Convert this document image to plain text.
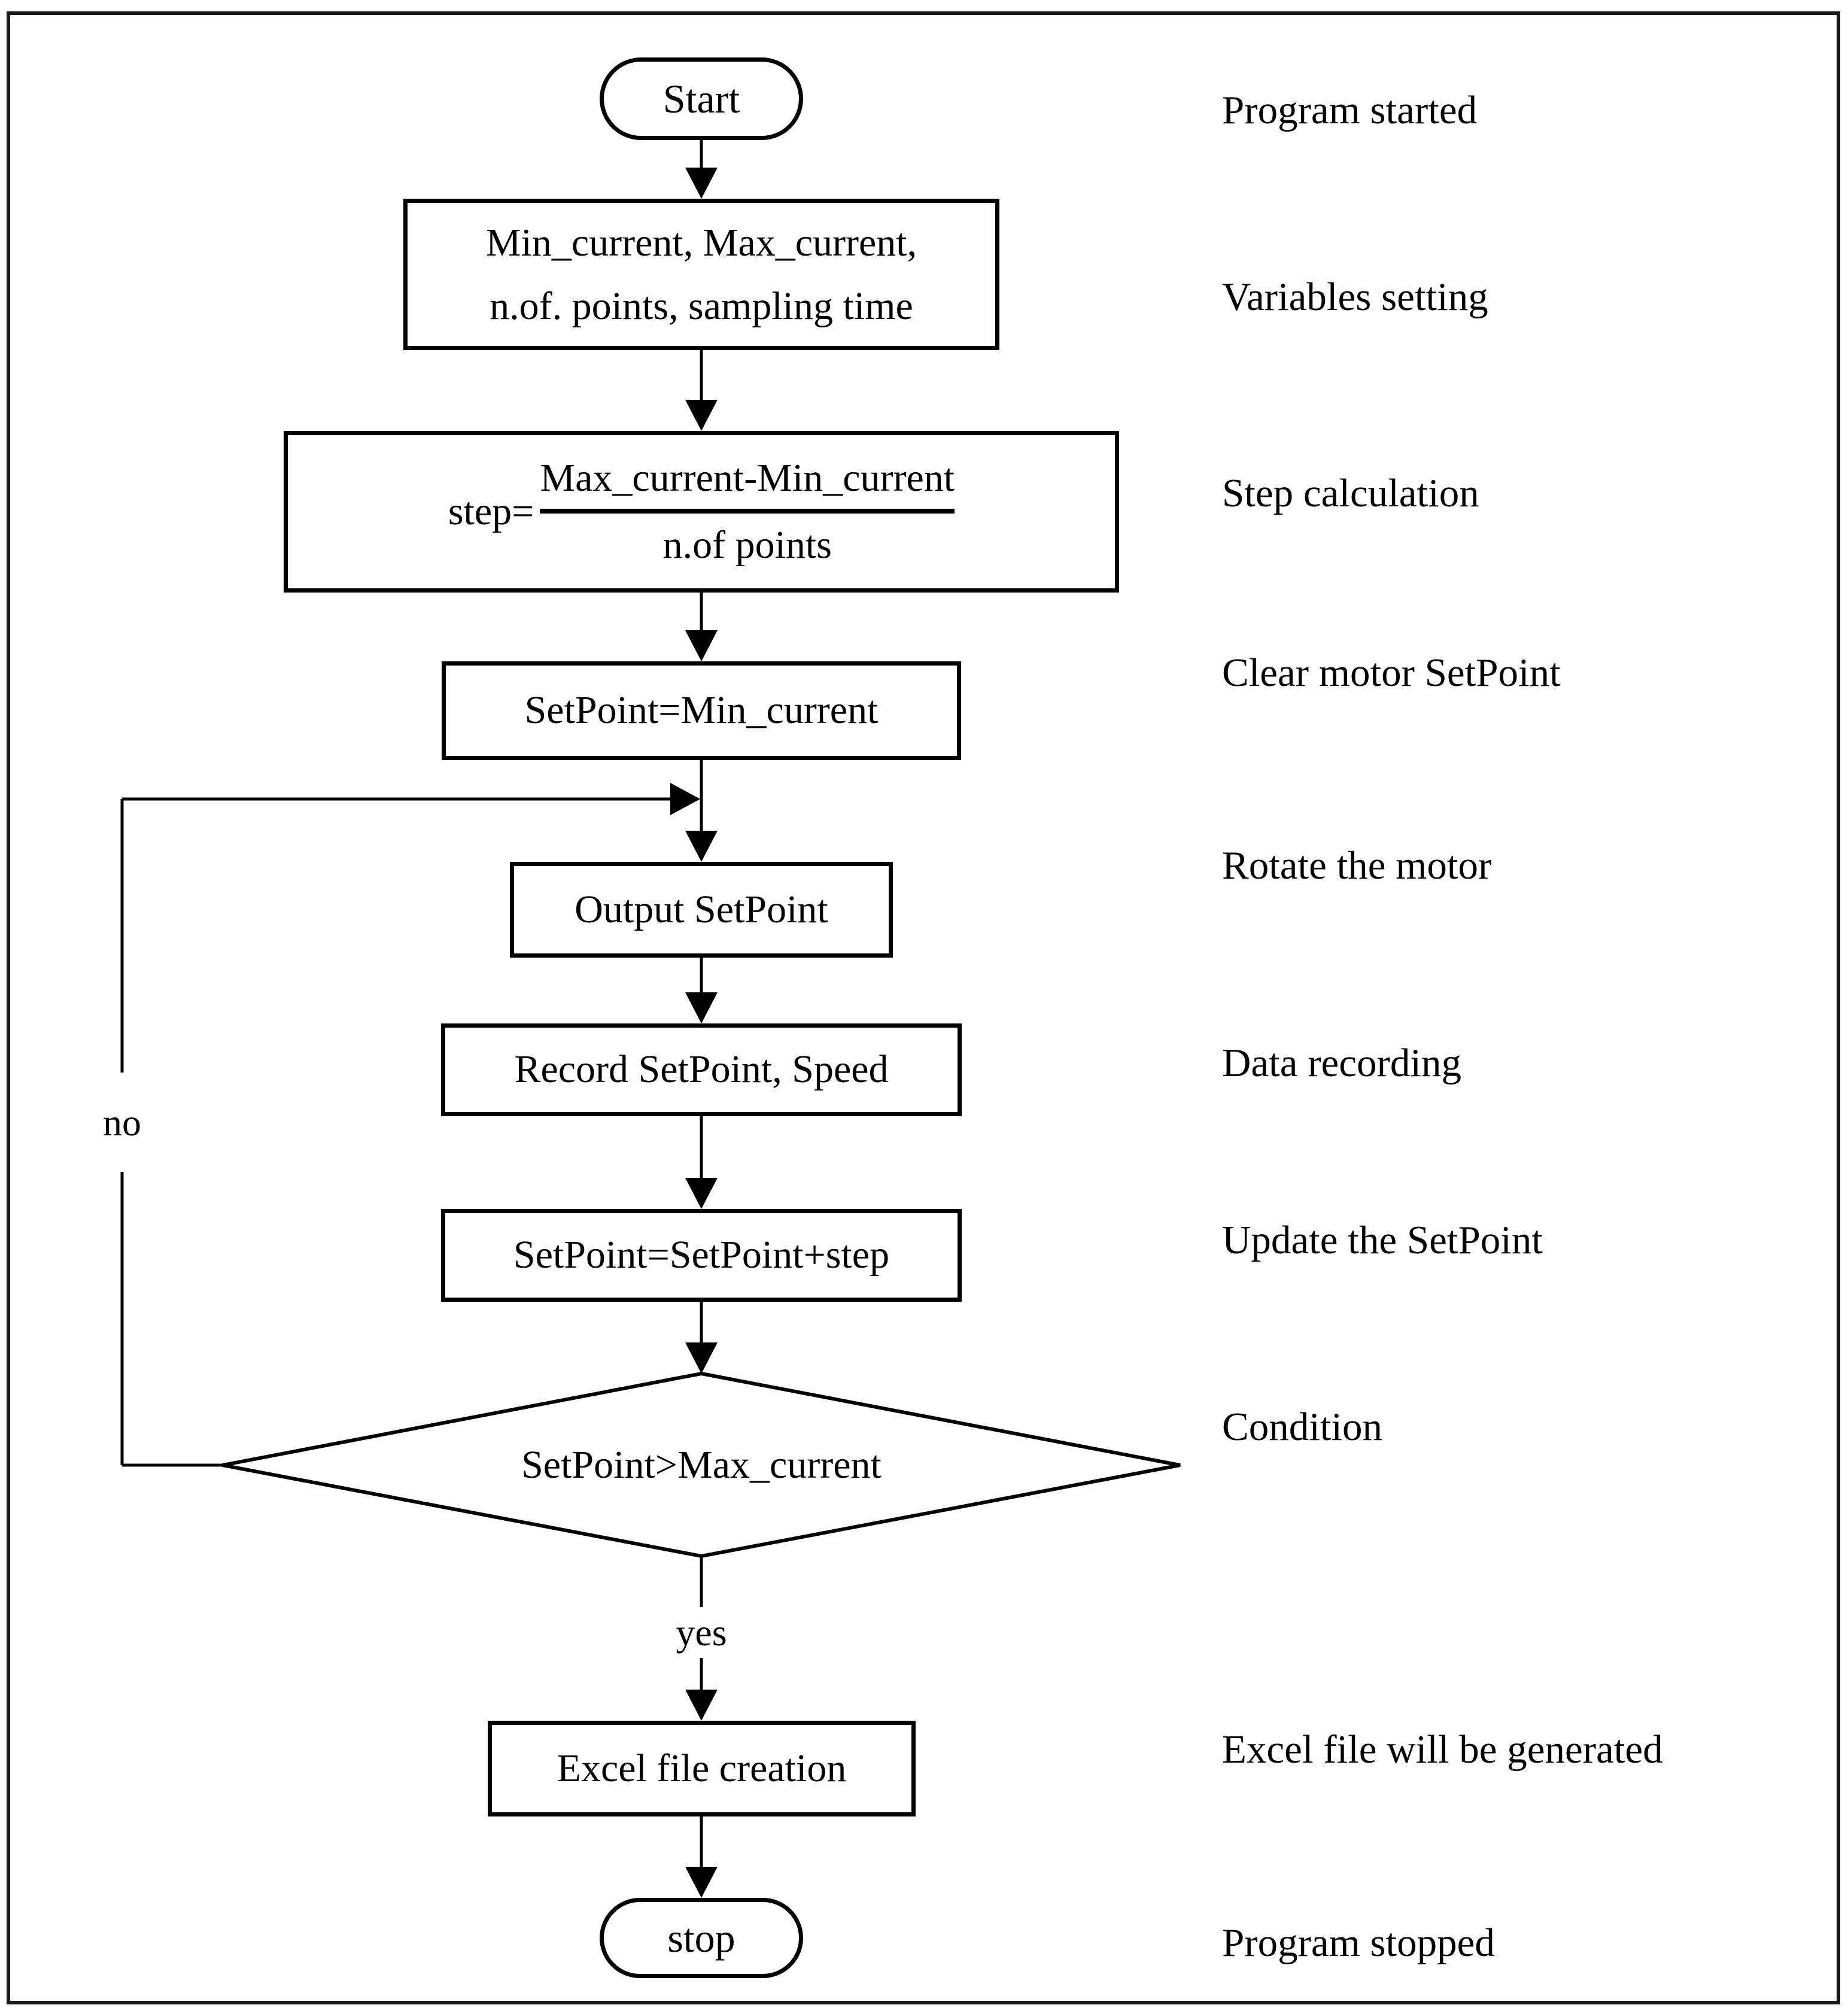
Start
Min_current, Max_current,
n.of. points, sampling time
step=
Max_current-Min_current
n.of points
SetPoint=Min_current
Output SetPoint
Record SetPoint, Speed
SetPoint=SetPoint+step
SetPoint>Max_current
Excel file creation
stop
yes
no
Program started
Variables setting
Step calculation
Clear motor SetPoint
Rotate the motor
Data recording
Update the SetPoint
Condition
Excel file will be generated
Program stopped
